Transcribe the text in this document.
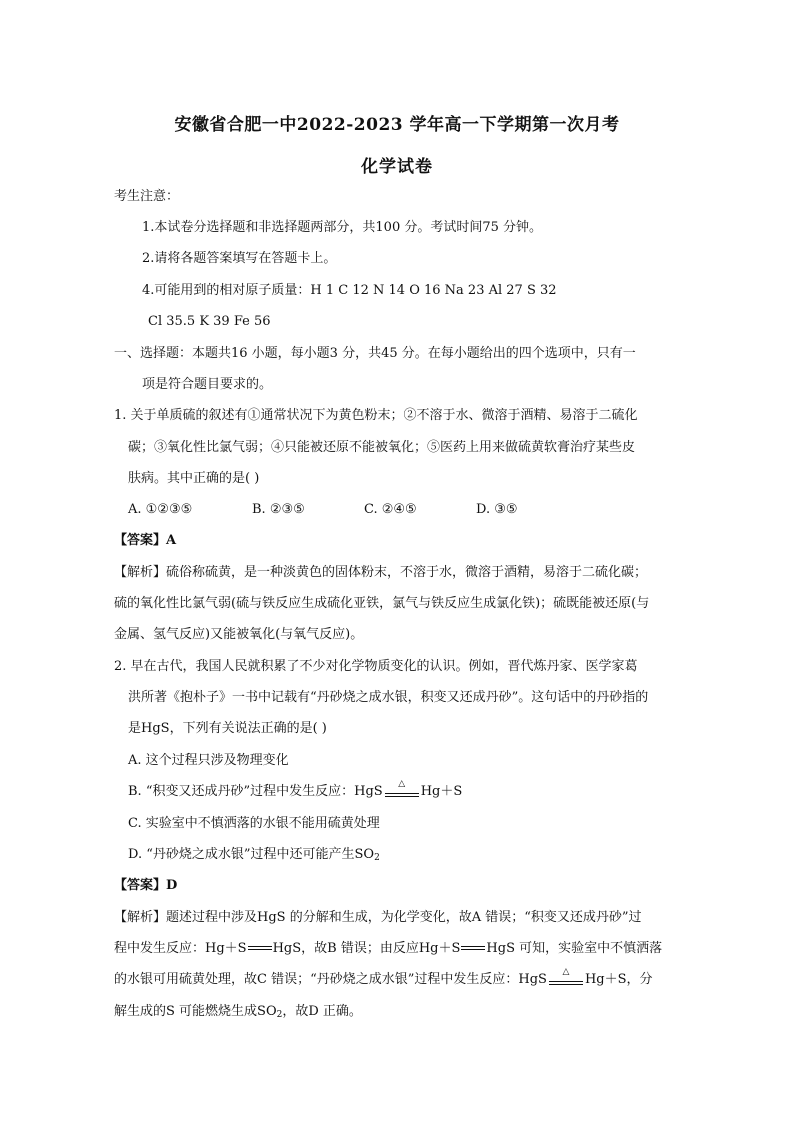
安徽省合肥一中2022-2023 学年高一下学期第一次月考
化学试卷
考生注意：
1.本试卷分选择题和非选择题两部分，共100 分。考试时间75 分钟。
2.请将各题答案填写在答题卡上。
4.可能用到的相对原子质量：H 1 C 12 N 14 O 16 Na 23 Al 27 S 32
Cl 35.5 K 39 Fe 56
一、选择题：本题共16 小题，每小题3 分，共45 分。在每小题给出的四个选项中，只有一
项是符合题目要求的。
1. 关于单质硫的叙述有①通常状况下为黄色粉末；②不溶于水、微溶于酒精、易溶于二硫化
碳；③氧化性比氯气弱；④只能被还原不能被氧化；⑤医药上用来做硫黄软膏治疗某些皮
肤病。其中正确的是( )
A. ①②③⑤	B. ②③⑤	C. ②④⑤	D. ③⑤
【答案】A
【解析】硫俗称硫黄，是一种淡黄色的固体粉末，不溶于水，微溶于酒精，易溶于二硫化碳；
硫的氧化性比氯气弱(硫与铁反应生成硫化亚铁，氯气与铁反应生成氯化铁)；硫既能被还原(与
金属、氢气反应)又能被氧化(与氧气反应)。
2. 早在古代，我国人民就积累了不少对化学物质变化的认识。例如，晋代炼丹家、医学家葛
洪所著《抱朴子》一书中记载有“丹砂烧之成水银，积变又还成丹砂”。这句话中的丹砂指的
是HgS，下列有关说法正确的是( )
A. 这个过程只涉及物理变化
B. “积变又还成丹砂”过程中发生反应：HgS
△
Hg＋S
C. 实验室中不慎洒落的水银不能用硫黄处理
D. “丹砂烧之成水银”过程中还可能产生$SO_2$
【答案】D
【解析】题述过程中涉及HgS 的分解和生成，为化学变化，故A 错误；“积变又还成丹砂”过
程中发生反应：Hg＋S HgS，故B 错误；由反应Hg＋S HgS 可知，实验室中不慎洒落
的水银可用硫黄处理，故C 错误；“丹砂烧之成水银”过程中发生反应：HgS
△
Hg＋S，分
解生成的S 可能燃烧生成$SO_2$，故D 正确。
